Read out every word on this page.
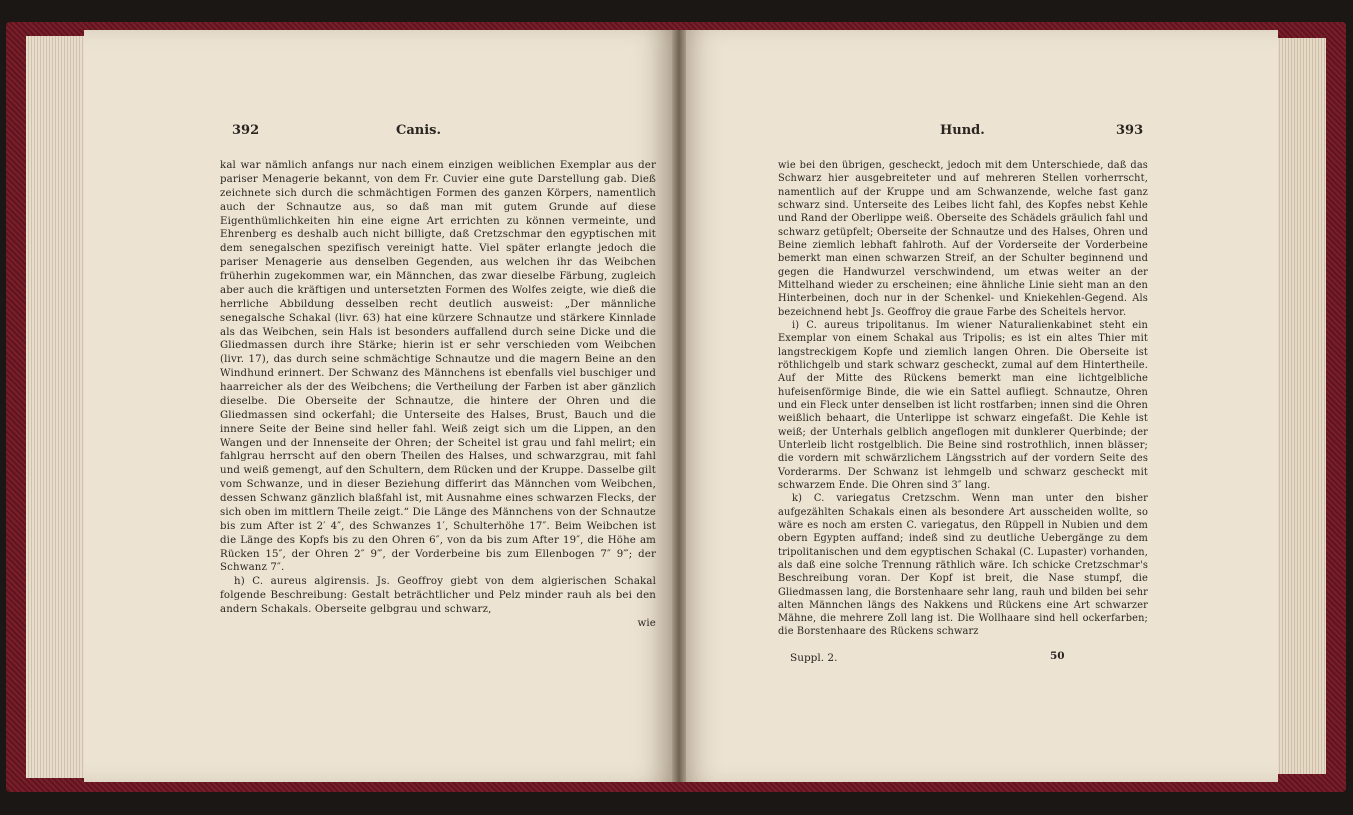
392	Canis.

kal war nämlich anfangs nur nach einem einzigen weiblichen Exemplar aus der pariser Menagerie bekannt, von dem Fr. Cuvier eine gute Darstellung gab. Dieß zeichnete sich durch die schmächtigen Formen des ganzen Körpers, namentlich auch der Schnautze aus, so daß man mit gutem Grunde auf diese Eigenthümlichkeiten hin eine eigne Art errichten zu können vermeinte, und Ehrenberg es deshalb auch nicht billigte, daß Cretzschmar den egyptischen mit dem senegalschen spezifisch vereinigt hatte. Viel später erlangte jedoch die pariser Menagerie aus denselben Gegenden, aus welchen ihr das Weibchen früherhin zugekommen war, ein Männchen, das zwar dieselbe Färbung, zugleich aber auch die kräftigen und untersetzten Formen des Wolfes zeigte, wie dieß die herrliche Abbildung desselben recht deutlich ausweist: „Der männliche senegalsche Schakal (livr. 63) hat eine kürzere Schnautze und stärkere Kinnlade als das Weibchen, sein Hals ist besonders auffallend durch seine Dicke und die Gliedmassen durch ihre Stärke; hierin ist er sehr verschieden vom Weibchen (livr. 17), das durch seine schmächtige Schnautze und die magern Beine an den Windhund erinnert. Der Schwanz des Männchens ist ebenfalls viel buschiger und haarreicher als der des Weibchens; die Vertheilung der Farben ist aber gänzlich dieselbe. Die Oberseite der Schnautze, die hintere der Ohren und die Gliedmassen sind ockerfahl; die Unterseite des Halses, Brust, Bauch und die innere Seite der Beine sind heller fahl. Weiß zeigt sich um die Lippen, an den Wangen und der Innenseite der Ohren; der Scheitel ist grau und fahl melirt; ein fahlgrau herrscht auf den obern Theilen des Halses, und schwarzgrau, mit fahl und weiß gemengt, auf den Schultern, dem Rücken und der Kruppe. Dasselbe gilt vom Schwanze, und in dieser Beziehung differirt das Männchen vom Weibchen, dessen Schwanz gänzlich blaßfahl ist, mit Ausnahme eines schwarzen Flecks, der sich oben im mittlern Theile zeigt.“ Die Länge des Männchens von der Schnautze bis zum After ist 2′ 4″, des Schwanzes 1′, Schulterhöhe 17″. Beim Weibchen ist die Länge des Kopfs bis zu den Ohren 6″, von da bis zum After 19″, die Höhe am Rücken 15″, der Ohren 2″ 9‴, der Vorderbeine bis zum Ellenbogen 7″ 9‴; der Schwanz 7″.

h) C. aureus algirensis. Js. Geoffroy giebt von dem algierischen Schakal folgende Beschreibung: Gestalt beträchtlicher und Pelz minder rauh als bei den andern Schakals. Oberseite gelbgrau und schwarz,

wie
Hund.	393

wie bei den übrigen, gescheckt, jedoch mit dem Unterschiede, daß das Schwarz hier ausgebreiteter und auf mehreren Stellen vorherrscht, namentlich auf der Kruppe und am Schwanzende, welche fast ganz schwarz sind. Unterseite des Leibes licht fahl, des Kopfes nebst Kehle und Rand der Oberlippe weiß. Oberseite des Schädels gräulich fahl und schwarz getüpfelt; Oberseite der Schnautze und des Halses, Ohren und Beine ziemlich lebhaft fahlroth. Auf der Vorderseite der Vorderbeine bemerkt man einen schwarzen Streif, an der Schulter beginnend und gegen die Handwurzel verschwindend, um etwas weiter an der Mittelhand wieder zu erscheinen; eine ähnliche Linie sieht man an den Hinterbeinen, doch nur in der Schenkel- und Kniekehlen-Gegend. Als bezeichnend hebt Js. Geoffroy die graue Farbe des Scheitels hervor.

i) C. aureus tripolitanus. Im wiener Naturalienkabinet steht ein Exemplar von einem Schakal aus Tripolis; es ist ein altes Thier mit langstreckigem Kopfe und ziemlich langen Ohren. Die Oberseite ist röthlichgelb und stark schwarz gescheckt, zumal auf dem Hintertheile. Auf der Mitte des Rückens bemerkt man eine lichtgelbliche hufeisenförmige Binde, die wie ein Sattel aufliegt. Schnautze, Ohren und ein Fleck unter denselben ist licht rostfarben; innen sind die Ohren weißlich behaart, die Unterlippe ist schwarz eingefaßt. Die Kehle ist weiß; der Unterhals gelblich angeflogen mit dunklerer Querbinde; der Unterleib licht rostgelblich. Die Beine sind rostrothlich, innen blässer; die vordern mit schwärzlichem Längsstrich auf der vordern Seite des Vorderarms. Der Schwanz ist lehmgelb und schwarz gescheckt mit schwarzem Ende. Die Ohren sind 3″ lang.

k) C. variegatus Cretzschm. Wenn man unter den bisher aufgezählten Schakals einen als besondere Art ausscheiden wollte, so wäre es noch am ersten C. variegatus, den Rüppell in Nubien und dem obern Egypten auffand; indeß sind zu deutliche Uebergänge zu dem tripolitanischen und dem egyptischen Schakal (C. Lupaster) vorhanden, als daß eine solche Trennung räthlich wäre. Ich schicke Cretzschmar's Beschreibung voran. Der Kopf ist breit, die Nase stumpf, die Gliedmassen lang, die Borstenhaare sehr lang, rauh und bilden bei sehr alten Männchen längs des Nakkens und Rückens eine Art schwarzer Mähne, die mehrere Zoll lang ist. Die Wollhaare sind hell ockerfarben; die Borstenhaare des Rückens schwarz

Suppl. 2.	50
